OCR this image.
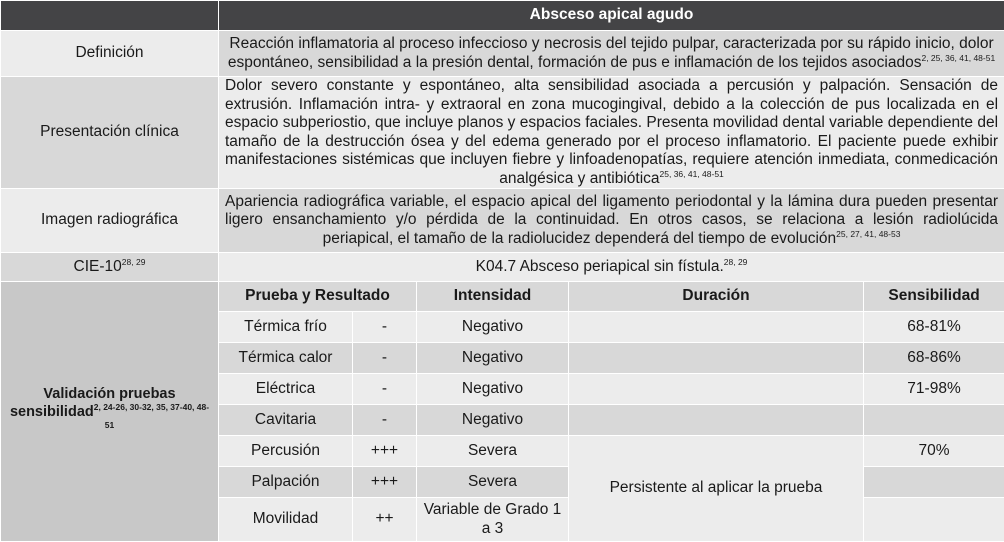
	Absceso apical agudo				
Definición	Reacción inflamatoria al proceso infeccioso y necrosis del tejido pulpar, caracterizada por su rápido inicio, dolor espontáneo, sensibilidad a la presión dental, formación de pus e inflamación de los tejidos asociados$^{2, 25, 36, 41, 48-51}$
Presentación clínica	Dolor severo constante y espontáneo, alta sensibilidad asociada a percusión y palpación. Sensación de extrusión. Inflamación intra- y extraoral en zona mucogingival, debido a la colección de pus localizada en el espacio subperiostio, que incluye planos y espacios faciales. Presenta movilidad dental variable dependiente del tamaño de la destrucción ósea y del edema generado por el proceso inflamatorio. El paciente puede exhibir manifestaciones sistémicas que incluyen fiebre y linfoadenopatías, requiere atención inmediata, conmedicación analgésica y antibiótica$^{25, 36, 41, 48-51}$
Imagen radiográfica	Apariencia radiográfica variable, el espacio apical del ligamento periodontal y la lámina dura pueden presentar ligero ensanchamiento y/o pérdida de la continuidad. En otros casos, se relaciona a lesión radiolúcida periapical, el tamaño de la radiolucidez dependerá del tiempo de evolución$^{25, 27, 41, 48-53}$
CIE-10$^{28, 29}$	K04.7 Absceso periapical sin fístula.$^{28, 29}$
Validación pruebas sensibilidad$^{2, 24-26, 30-32, 35, 37-40, 48-51}$	Prueba y Resultado		Intensidad	Duración	Sensibilidad
	Térmica frío	-	Negativo		68-81%
	Térmica calor	-	Negativo		68-86%
	Eléctrica	-	Negativo		71-98%
	Cavitaria	-	Negativo		
	Percusión	+++	Severa	Persistente al aplicar la prueba	70%
	Palpación	+++	Severa		
	Movilidad	++	Variable de Grado 1 a 3		
